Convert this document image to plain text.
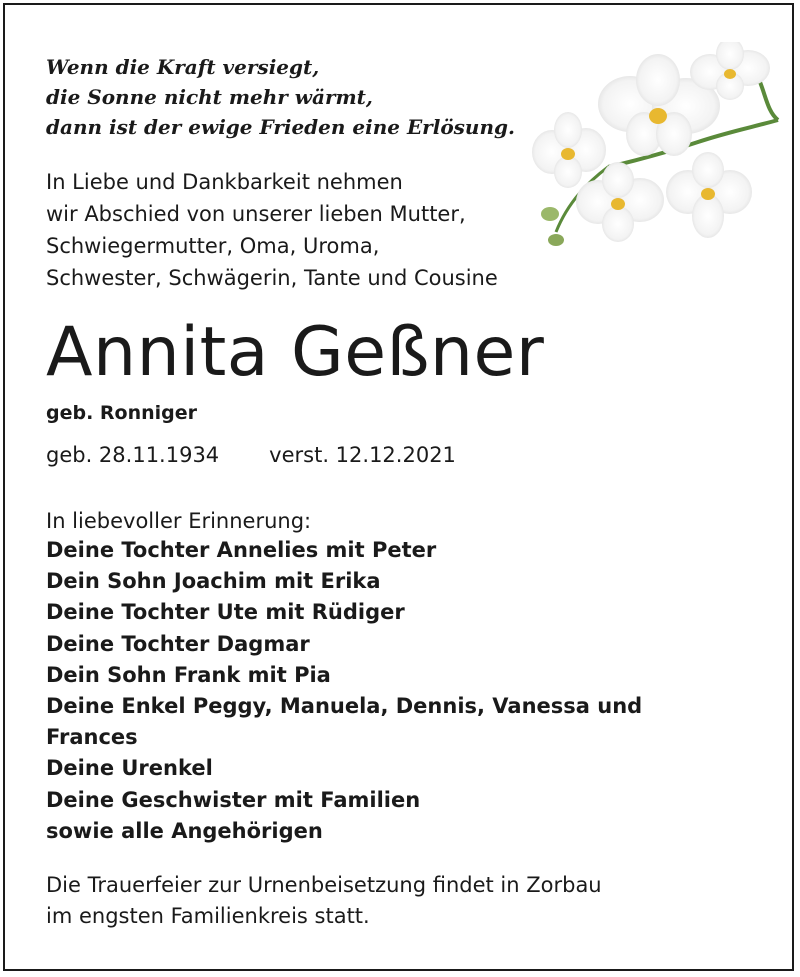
Wenn die Kraft versiegt,
die Sonne nicht mehr wärmt,
dann ist der ewige Frieden eine Erlösung.
In Liebe und Dankbarkeit nehmen
wir Abschied von unserer lieben Mutter,
Schwiegermutter, Oma, Uroma,
Schwester, Schwägerin, Tante und Cousine
Annita Geßner
geb. Ronniger
geb. 28.11.1934 verst. 12.12.2021
In liebevoller Erinnerung:
Deine Tochter Annelies mit Peter
Dein Sohn Joachim mit Erika
Deine Tochter Ute mit Rüdiger
Deine Tochter Dagmar
Dein Sohn Frank mit Pia
Deine Enkel Peggy, Manuela, Dennis, Vanessa und
Frances
Deine Urenkel
Deine Geschwister mit Familien
sowie alle Angehörigen
Die Trauerfeier zur Urnenbeisetzung findet in Zorbau
im engsten Familienkreis statt.
